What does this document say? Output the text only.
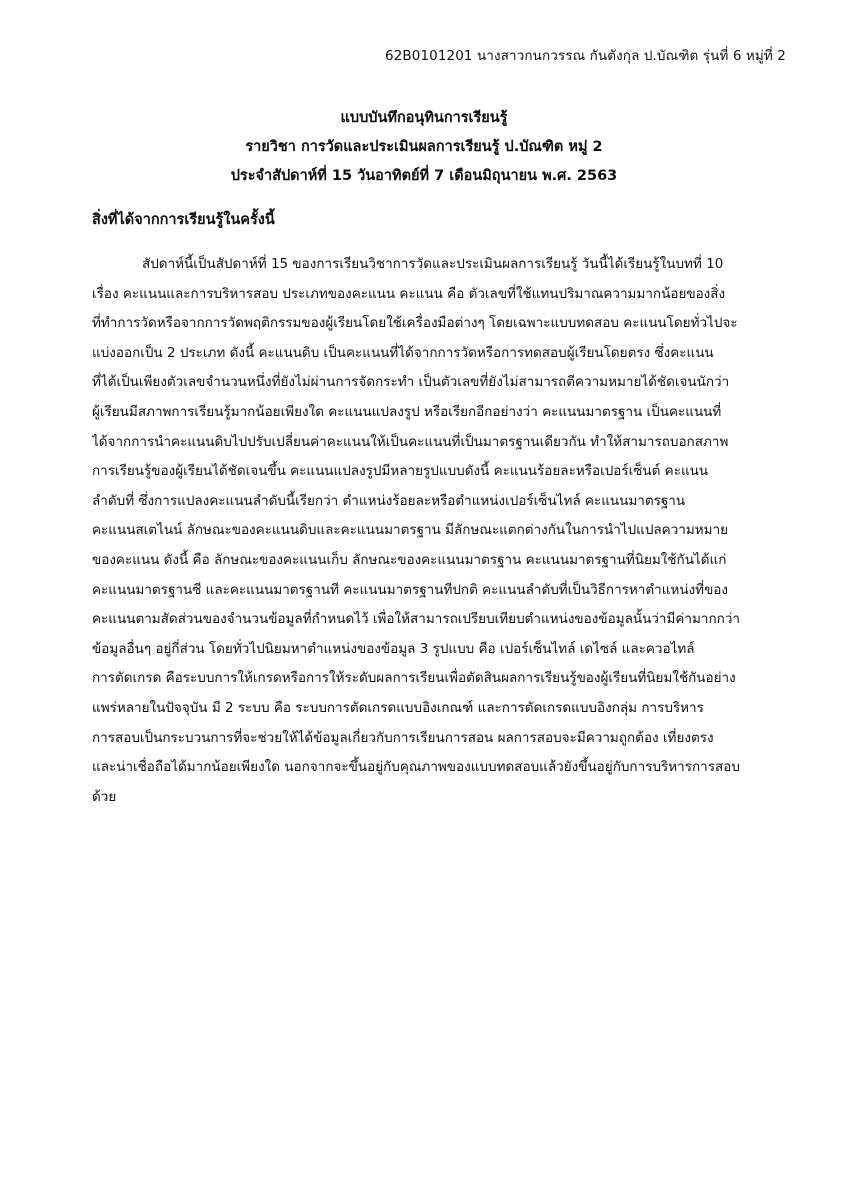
62B0101201 นางสาวกนกวรรณ กันตังกุล ป.บัณฑิต รุ่นที่ 6 หมู่ที่ 2
แบบบันทึกอนุทินการเรียนรู้
รายวิชา การวัดและประเมินผลการเรียนรู้ ป.บัณฑิต หมู่ 2
ประจำสัปดาห์ที่ 15 วันอาทิตย์ที่ 7 เดือนมิถุนายน พ.ศ. 2563
สิ่งที่ได้จากการเรียนรู้ในครั้งนี้
สัปดาห์นี้เป็นสัปดาห์ที่ 15 ของการเรียนวิชาการวัดและประเมินผลการเรียนรู้ วันนี้ได้เรียนรู้ในบทที่ 10
เรื่อง คะแนนและการบริหารสอบ ประเภทของคะแนน คะแนน คือ ตัวเลขที่ใช้แทนปริมาณความมากน้อยของสิ่ง
ที่ทำการวัดหรือจากการวัดพฤติกรรมของผู้เรียนโดยใช้เครื่องมือต่างๆ โดยเฉพาะแบบทดสอบ คะแนนโดยทั่วไปจะ
แบ่งออกเป็น 2 ประเภท ดังนี้ คะแนนดิบ เป็นคะแนนที่ได้จากการวัดหรือการทดสอบผู้เรียนโดยตรง ซึ่งคะแนน
ที่ได้เป็นเพียงตัวเลขจำนวนหนึ่งที่ยังไม่ผ่านการจัดกระทำ เป็นตัวเลขที่ยังไม่สามารถตีความหมายได้ชัดเจนนักว่า
ผู้เรียนมีสภาพการเรียนรู้มากน้อยเพียงใด คะแนนแปลงรูป หรือเรียกอีกอย่างว่า คะแนนมาตรฐาน เป็นคะแนนที่
ได้จากการนำคะแนนดิบไปปรับเปลี่ยนค่าคะแนนให้เป็นคะแนนที่เป็นมาตรฐานเดียวกัน ทำให้สามารถบอกสภาพ
การเรียนรู้ของผู้เรียนได้ชัดเจนขึ้น คะแนนแปลงรูปมีหลายรูปแบบดังนี้ คะแนนร้อยละหรือเปอร์เซ็นต์ คะแนน
ลำดับที่ ซึ่งการแปลงคะแนนลำดับนี้เรียกว่า ตำแหน่งร้อยละหรือตำแหน่งเปอร์เซ็นไทล์ คะแนนมาตรฐาน
คะแนนสเตไนน์ ลักษณะของคะแนนดิบและคะแนนมาตรฐาน มีลักษณะแตกต่างกันในการนำไปแปลความหมาย
ของคะแนน ดังนี้ คือ ลักษณะของคะแนนเก็บ ลักษณะของคะแนนมาตรฐาน คะแนนมาตรฐานที่นิยมใช้กันได้แก่
คะแนนมาตรฐานซี และคะแนนมาตรฐานที คะแนนมาตรฐานทีปกติ คะแนนลำดับที่เป็นวิธีการหาตำแหน่งที่ของ
คะแนนตามสัดส่วนของจำนวนข้อมูลที่กำหนดไว้ เพื่อให้สามารถเปรียบเทียบตำแหน่งของข้อมูลนั้นว่ามีค่ามากกว่า
ข้อมูลอื่นๆ อยู่กี่ส่วน โดยทั่วไปนิยมหาตำแหน่งของข้อมูล 3 รูปแบบ คือ เปอร์เซ็นไทล์ เดไซล์ และควอไทล์
การตัดเกรด คือระบบการให้เกรดหรือการให้ระดับผลการเรียนเพื่อตัดสินผลการเรียนรู้ของผู้เรียนที่นิยมใช้กันอย่าง
แพร่หลายในปัจจุบัน มี 2 ระบบ คือ ระบบการตัดเกรดแบบอิงเกณฑ์ และการตัดเกรดแบบอิงกลุ่ม การบริหาร
การสอบเป็นกระบวนการที่จะช่วยให้ได้ข้อมูลเกี่ยวกับการเรียนการสอน ผลการสอบจะมีความถูกต้อง เที่ยงตรง
และน่าเชื่อถือได้มากน้อยเพียงใด นอกจากจะขึ้นอยู่กับคุณภาพของแบบทดสอบแล้วยังขึ้นอยู่กับการบริหารการสอบ
ด้วย
